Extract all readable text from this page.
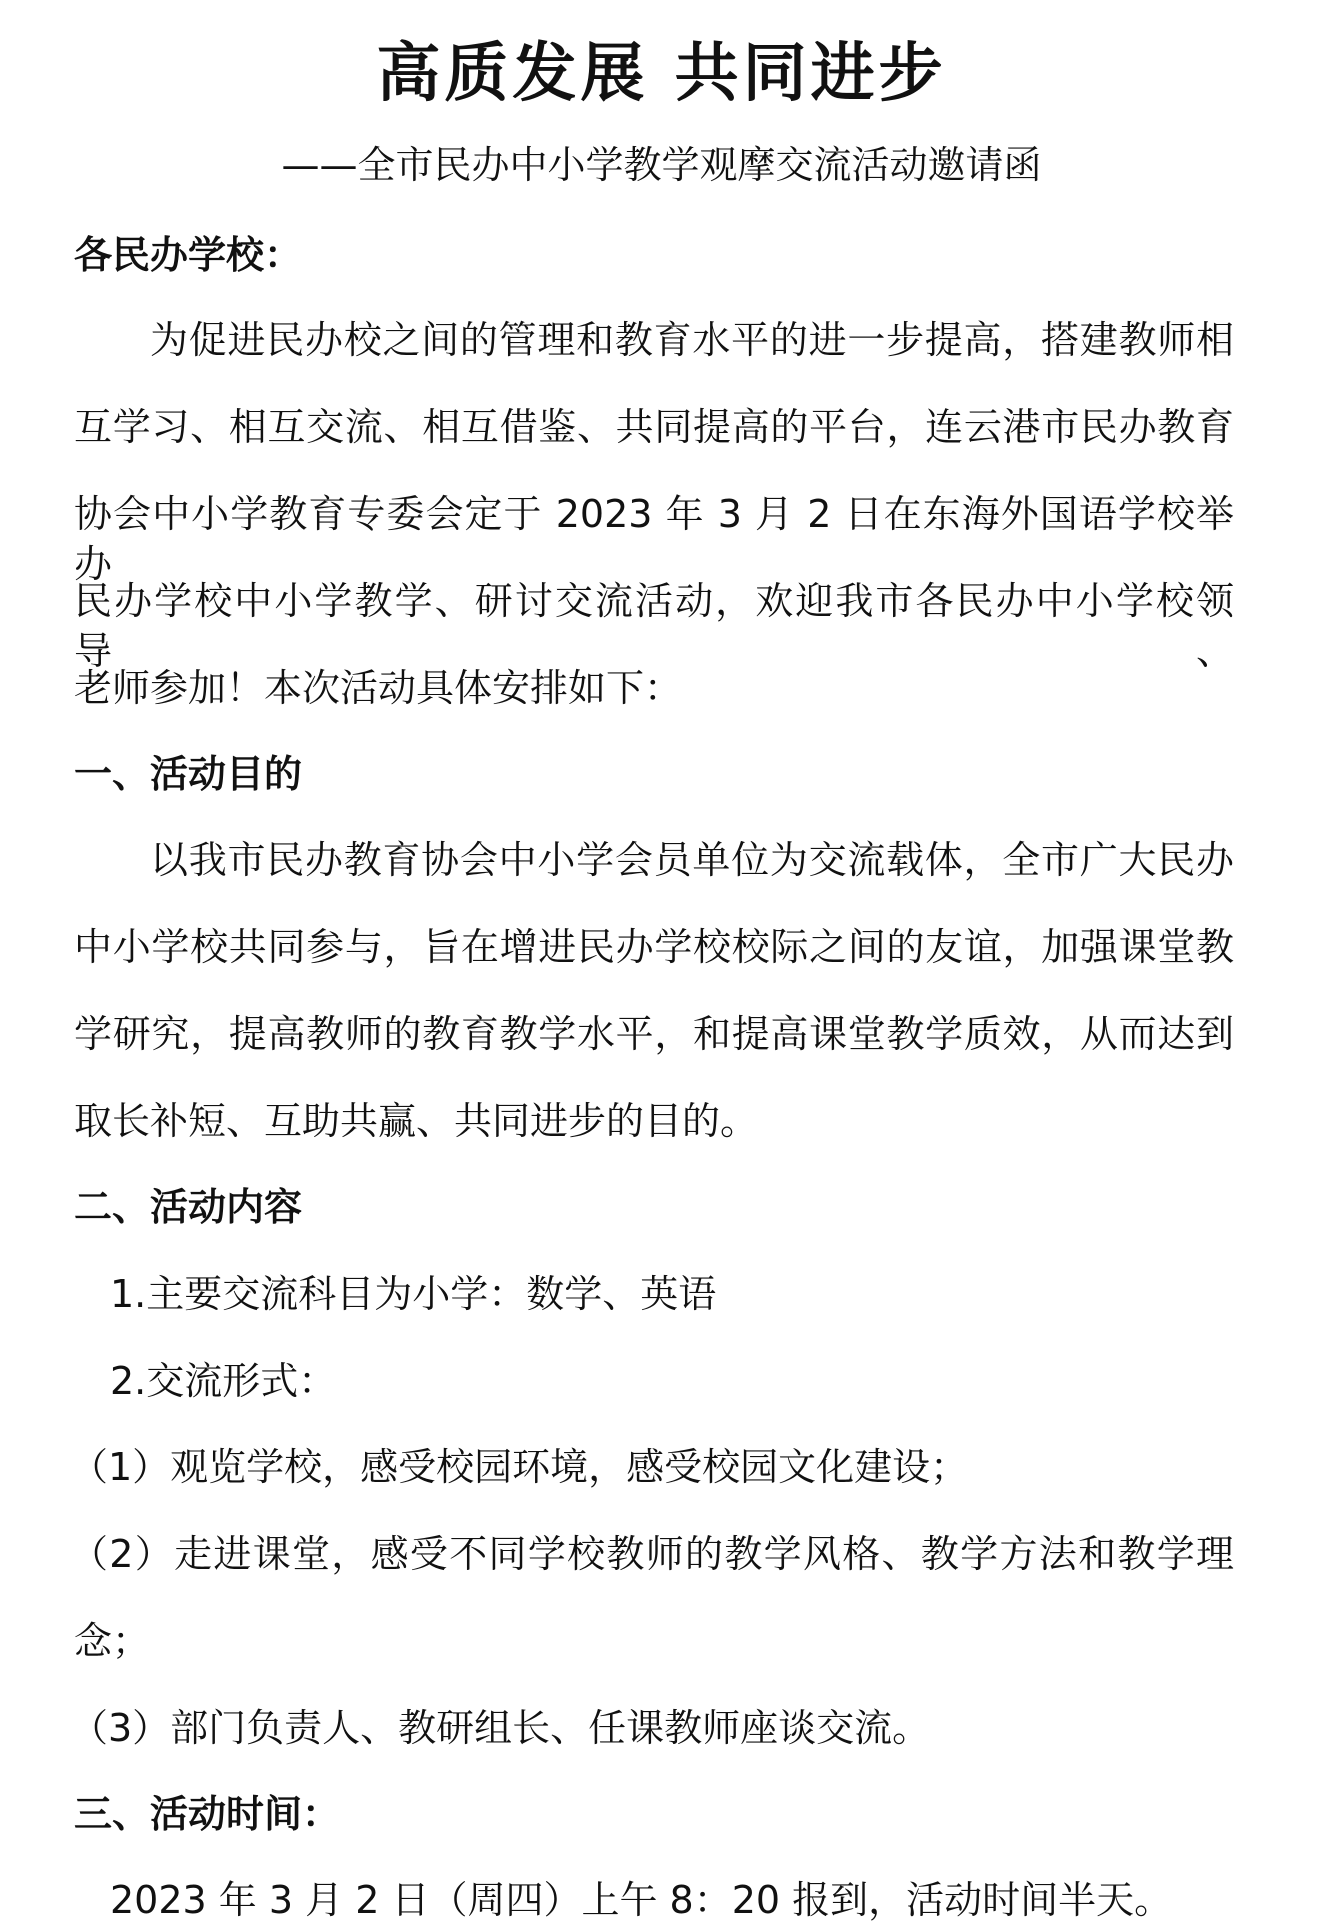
高质发展 共同进步
——全市民办中小学教学观摩交流活动邀请函
各民办学校：
为促进民办校之间的管理和教育水平的进一步提高，搭建教师相
互学习、相互交流、相互借鉴、共同提高的平台，连云港市民办教育
协会中小学教育专委会定于 2023 年 3 月 2 日在东海外国语学校举办
民办学校中小学教学、研讨交流活动，欢迎我市各民办中小学校领导、
老师参加！本次活动具体安排如下：
一、活动目的
以我市民办教育协会中小学会员单位为交流载体，全市广大民办
中小学校共同参与，旨在增进民办学校校际之间的友谊，加强课堂教
学研究，提高教师的教育教学水平，和提高课堂教学质效，从而达到
取长补短、互助共赢、共同进步的目的。
二、活动内容
1.主要交流科目为小学：数学、英语
2.交流形式：
（1）观览学校，感受校园环境，感受校园文化建设；
（2）走进课堂，感受不同学校教师的教学风格、教学方法和教学理
念；
（3）部门负责人、教研组长、任课教师座谈交流。
三、活动时间：
2023 年 3 月 2 日（周四）上午 8：20 报到，活动时间半天。
